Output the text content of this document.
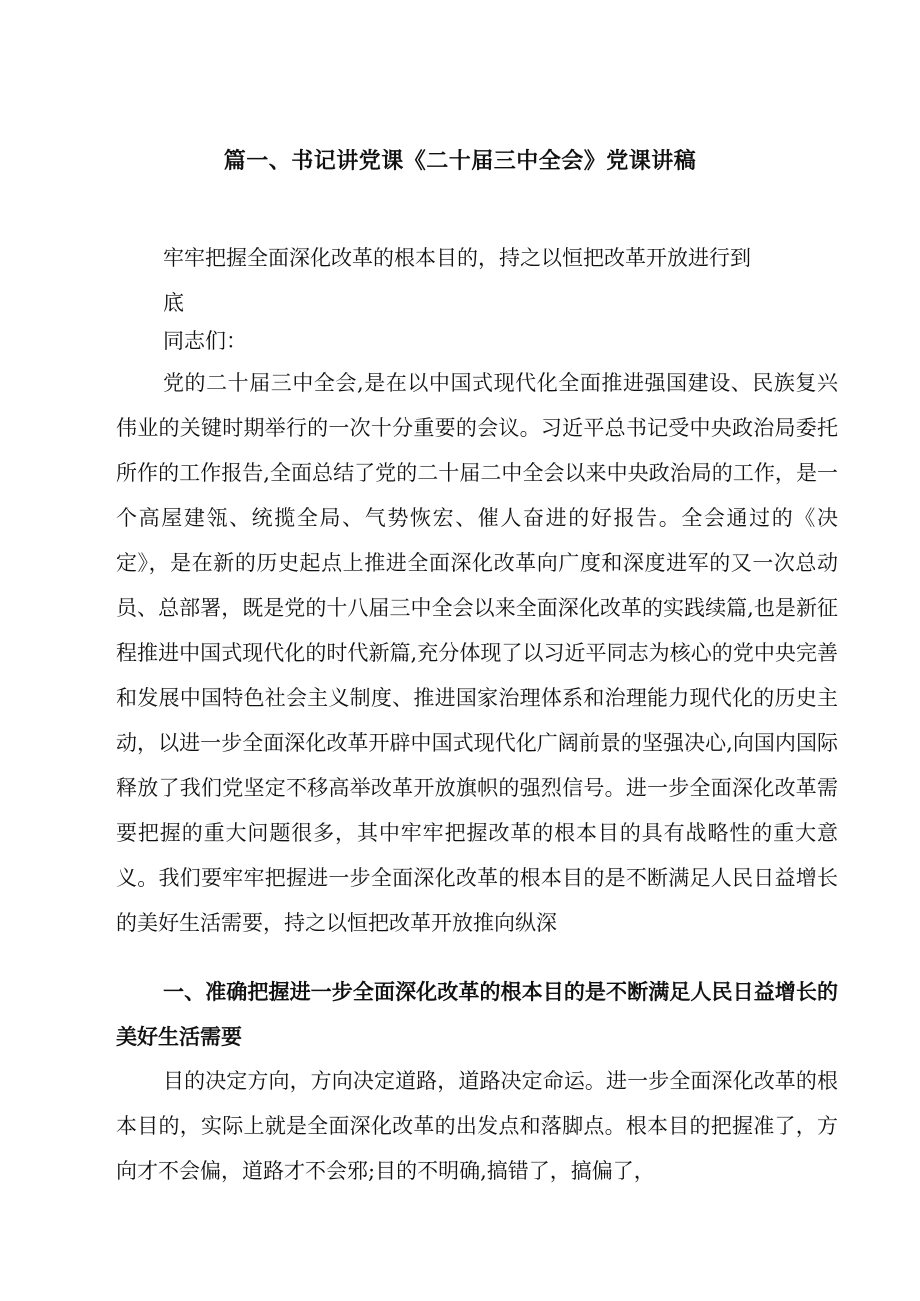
篇一、书记讲党课《二十届三中全会》党课讲稿
牢牢把握全面深化改革的根本目的，持之以恒把改革开放进行到底
同志们：
党的二十届三中全会,是在以中国式现代化全面推进强国建设、民族复兴伟业的关键时期举行的一次十分重要的会议。习近平总书记受中央政治局委托所作的工作报告,全面总结了党的二十届二中全会以来中央政治局的工作，是一个高屋建瓴、统揽全局、气势恢宏、催人奋进的好报告。全会通过的《决定》，是在新的历史起点上推进全面深化改革向广度和深度进军的又一次总动员、总部署，既是党的十八届三中全会以来全面深化改革的实践续篇,也是新征程推进中国式现代化的时代新篇,充分体现了以习近平同志为核心的党中央完善和发展中国特色社会主义制度、推进国家治理体系和治理能力现代化的历史主动，以进一步全面深化改革开辟中国式现代化广阔前景的坚强决心,向国内国际释放了我们党坚定不移高举改革开放旗帜的强烈信号。进一步全面深化改革需要把握的重大问题很多，其中牢牢把握改革的根本目的具有战略性的重大意义。我们要牢牢把握进一步全面深化改革的根本目的是不断满足人民日益增长的美好生活需要，持之以恒把改革开放推向纵深
一、准确把握进一步全面深化改革的根本目的是不断满足人民日益增长的美好生活需要
目的决定方向，方向决定道路，道路决定命运。进一步全面深化改革的根本目的，实际上就是全面深化改革的出发点和落脚点。根本目的把握准了，方向才不会偏，道路才不会邪;目的不明确,搞错了，搞偏了，
